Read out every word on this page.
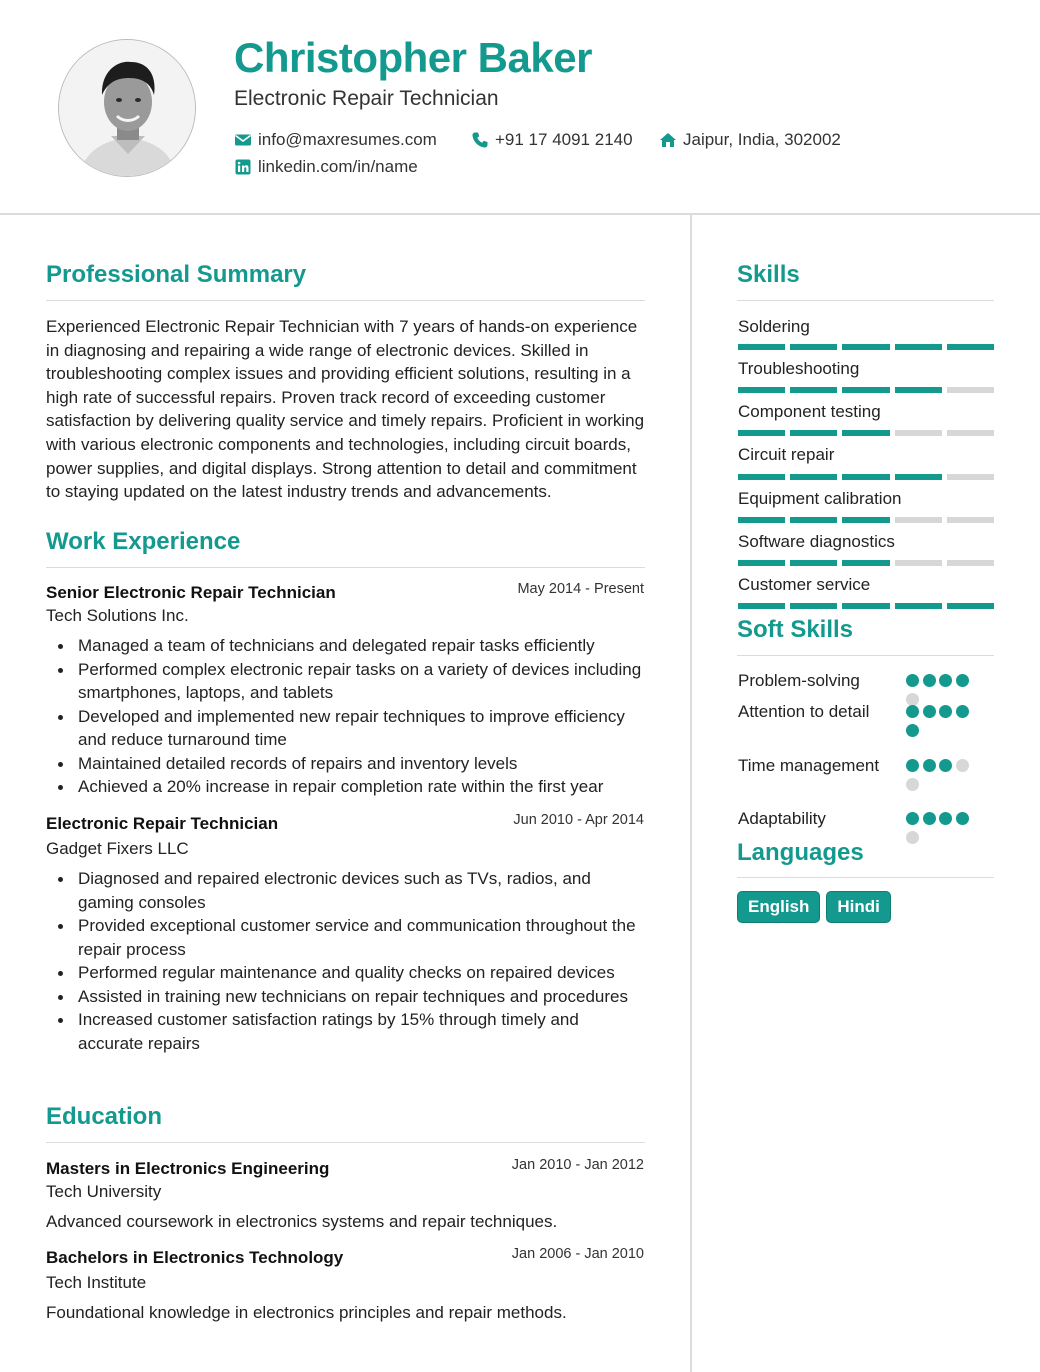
Christopher Baker
Electronic Repair Technician
info@maxresumes.com	+91 17 4091 2140	Jaipur, India, 302002
linkedin.com/in/name
Professional Summary
Experienced Electronic Repair Technician with 7 years of hands-on experience in diagnosing and repairing a wide range of electronic devices. Skilled in troubleshooting complex issues and providing efficient solutions, resulting in a high rate of successful repairs. Proven track record of exceeding customer satisfaction by delivering quality service and timely repairs. Proficient in working with various electronic components and technologies, including circuit boards, power supplies, and digital displays. Strong attention to detail and commitment to staying updated on the latest industry trends and advancements.
Work Experience
Senior Electronic Repair Technician	May 2014 - Present
Tech Solutions Inc.
Managed a team of technicians and delegated repair tasks efficiently
Performed complex electronic repair tasks on a variety of devices including smartphones, laptops, and tablets
Developed and implemented new repair techniques to improve efficiency and reduce turnaround time
Maintained detailed records of repairs and inventory levels
Achieved a 20% increase in repair completion rate within the first year
Electronic Repair Technician	Jun 2010 - Apr 2014
Gadget Fixers LLC
Diagnosed and repaired electronic devices such as TVs, radios, and gaming consoles
Provided exceptional customer service and communication throughout the repair process
Performed regular maintenance and quality checks on repaired devices
Assisted in training new technicians on repair techniques and procedures
Increased customer satisfaction ratings by 15% through timely and accurate repairs
Education
Masters in Electronics Engineering	Jan 2010 - Jan 2012
Tech University
Advanced coursework in electronics systems and repair techniques.
Bachelors in Electronics Technology	Jan 2006 - Jan 2010
Tech Institute
Foundational knowledge in electronics principles and repair methods.
Skills
Soldering
Troubleshooting
Component testing
Circuit repair
Equipment calibration
Software diagnostics
Customer service
Soft Skills
Problem-solving
Attention to detail
Time management
Adaptability
Languages
English	Hindi
